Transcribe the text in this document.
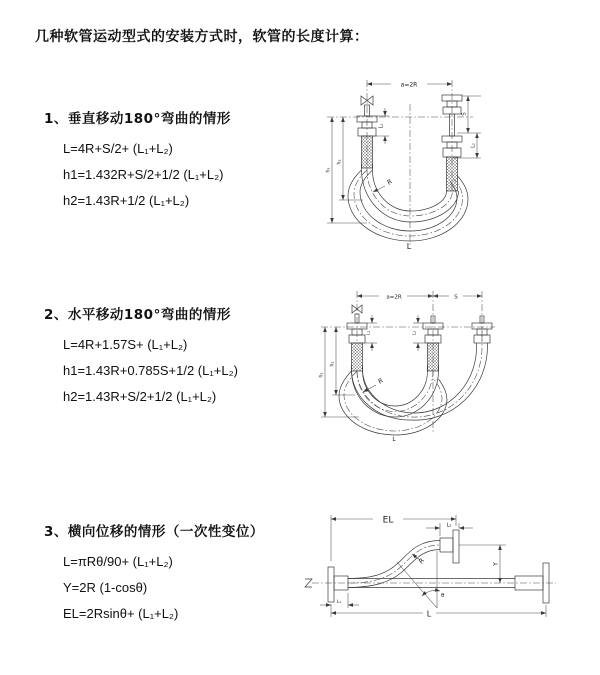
几种软管运动型式的安装方式时，软管的长度计算：
1、垂直移动180°弯曲的情形
L=4R+S/2+ (L₁+L₂)
h1=1.432R+S/2+1/2 (L₁+L₂)
h2=1.43R+1/2 (L₁+L₂)
2、水平移动180°弯曲的情形
L=4R+1.57S+ (L₁+L₂)
h1=1.43R+0.785S+1/2 (L₁+L₂)
h2=1.43R+S/2+1/2 (L₁+L₂)
3、横向位移的情形（一次性变位）
L=πRθ/90+ (L₁+L₂)
Y=2R (1-cosθ)
EL=2Rsinθ+ (L₁+L₂)
a=2R
L₁
S
L₂
h₁
h₂
R
L
a=2R	S
L₁	L₂
h₁
h₂
R
L
EL	L₂
Y
R
θ
L₁
L
